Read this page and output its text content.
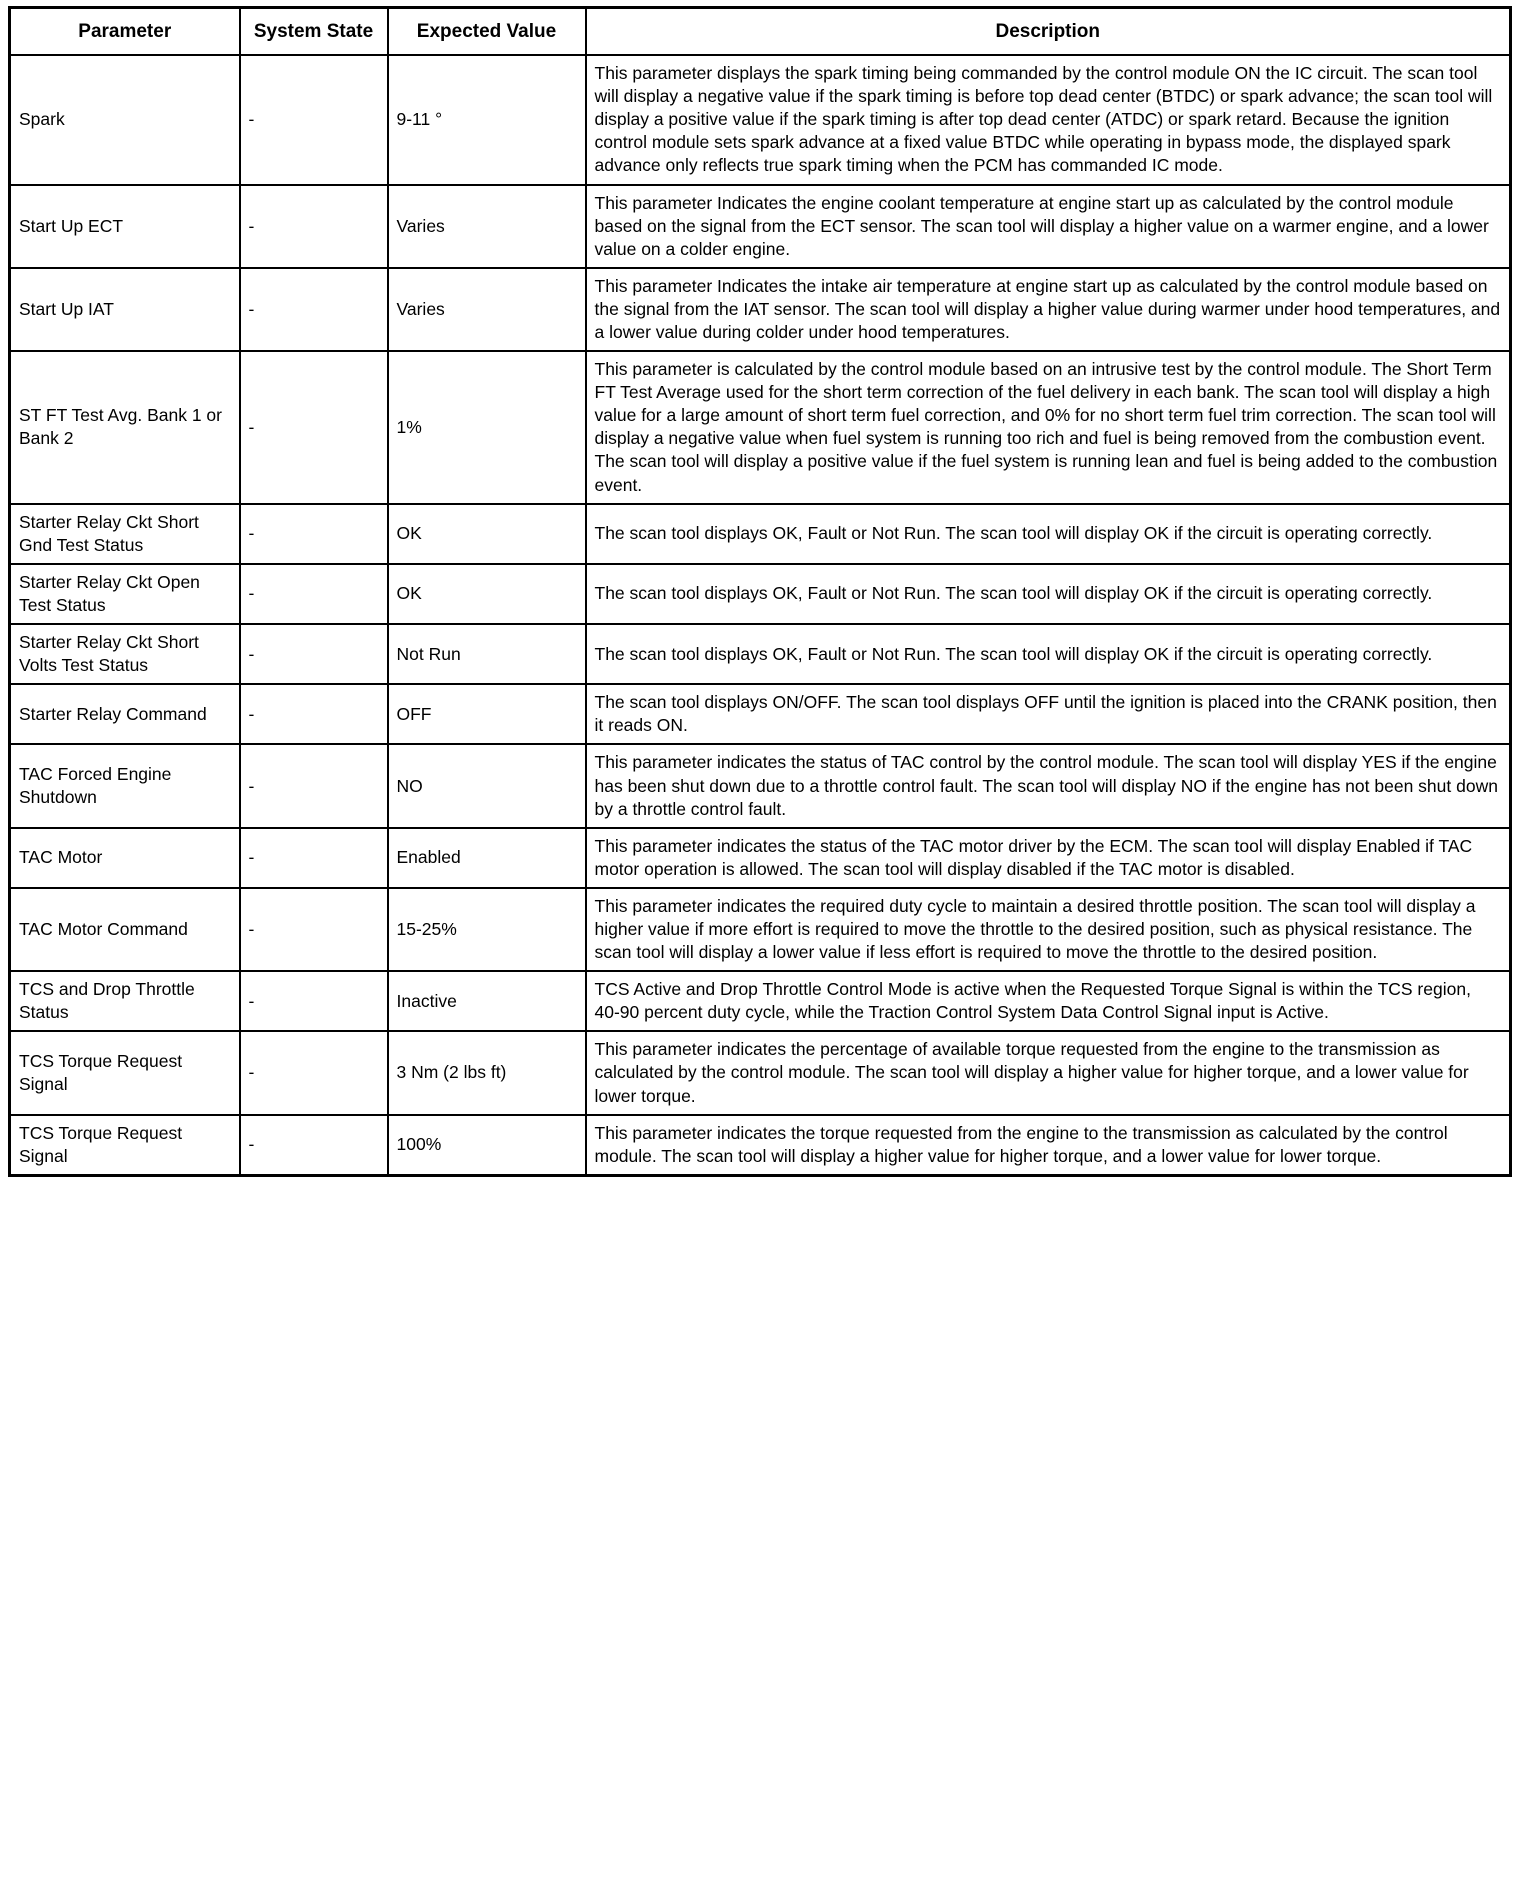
Parameter	System State	Expected Value	Description
Spark	-	9-11 °	This parameter displays the spark timing being commanded by the control module ON the IC circuit. The scan tool will display a negative value if the spark timing is before top dead center (BTDC) or spark advance; the scan tool will display a positive value if the spark timing is after top dead center (ATDC) or spark retard. Because the ignition control module sets spark advance at a fixed value BTDC while operating in bypass mode, the displayed spark advance only reflects true spark timing when the PCM has commanded IC mode.
Start Up ECT	-	Varies	This parameter Indicates the engine coolant temperature at engine start up as calculated by the control module based on the signal from the ECT sensor. The scan tool will display a higher value on a warmer engine, and a lower value on a colder engine.
Start Up IAT	-	Varies	This parameter Indicates the intake air temperature at engine start up as calculated by the control module based on the signal from the IAT sensor. The scan tool will display a higher value during warmer under hood temperatures, and a lower value during colder under hood temperatures.
ST FT Test Avg. Bank 1 or Bank 2	-	1%	This parameter is calculated by the control module based on an intrusive test by the control module. The Short Term FT Test Average used for the short term correction of the fuel delivery in each bank. The scan tool will display a high value for a large amount of short term fuel correction, and 0% for no short term fuel trim correction. The scan tool will display a negative value when fuel system is running too rich and fuel is being removed from the combustion event. The scan tool will display a positive value if the fuel system is running lean and fuel is being added to the combustion event.
Starter Relay Ckt Short Gnd Test Status	-	OK	The scan tool displays OK, Fault or Not Run. The scan tool will display OK if the circuit is operating correctly.
Starter Relay Ckt Open Test Status	-	OK	The scan tool displays OK, Fault or Not Run. The scan tool will display OK if the circuit is operating correctly.
Starter Relay Ckt Short Volts Test Status	-	Not Run	The scan tool displays OK, Fault or Not Run. The scan tool will display OK if the circuit is operating correctly.
Starter Relay Command	-	OFF	The scan tool displays ON/OFF. The scan tool displays OFF until the ignition is placed into the CRANK position, then it reads ON.
TAC Forced Engine Shutdown	-	NO	This parameter indicates the status of TAC control by the control module. The scan tool will display YES if the engine has been shut down due to a throttle control fault. The scan tool will display NO if the engine has not been shut down by a throttle control fault.
TAC Motor	-	Enabled	This parameter indicates the status of the TAC motor driver by the ECM. The scan tool will display Enabled if TAC motor operation is allowed. The scan tool will display disabled if the TAC motor is disabled.
TAC Motor Command	-	15-25%	This parameter indicates the required duty cycle to maintain a desired throttle position. The scan tool will display a higher value if more effort is required to move the throttle to the desired position, such as physical resistance. The scan tool will display a lower value if less effort is required to move the throttle to the desired position.
TCS and Drop Throttle Status	-	Inactive	TCS Active and Drop Throttle Control Mode is active when the Requested Torque Signal is within the TCS region, 40-90 percent duty cycle, while the Traction Control System Data Control Signal input is Active.
TCS Torque Request Signal	-	3 Nm (2 lbs ft)	This parameter indicates the percentage of available torque requested from the engine to the transmission as calculated by the control module. The scan tool will display a higher value for higher torque, and a lower value for lower torque.
TCS Torque Request Signal	-	100%	This parameter indicates the torque requested from the engine to the transmission as calculated by the control module. The scan tool will display a higher value for higher torque, and a lower value for lower torque.
